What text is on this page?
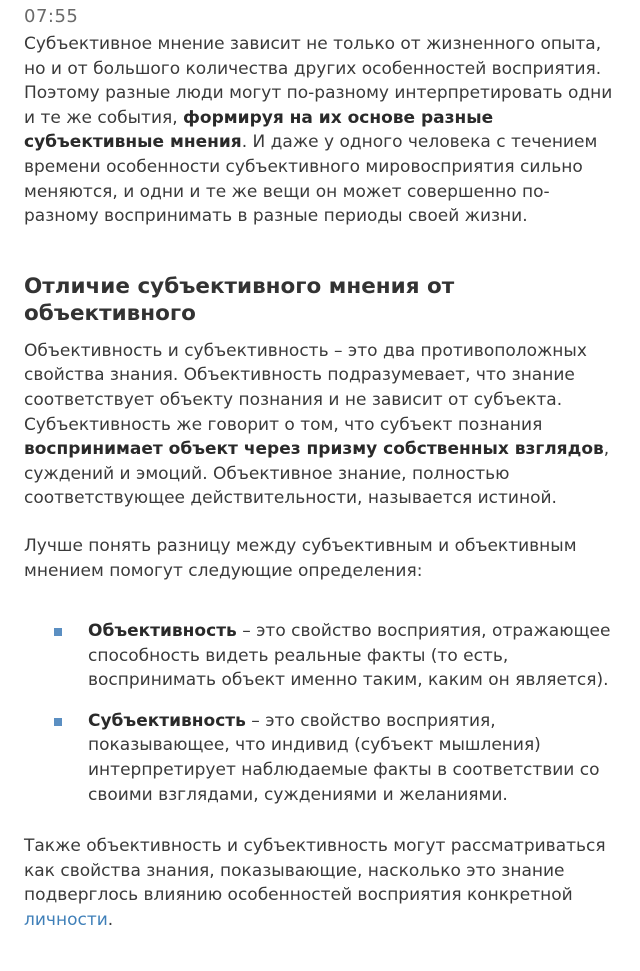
07:55

Субъективное мнение зависит не только от жизненного опыта, но и от большого количества других особенностей восприятия. Поэтому разные люди могут по-разному интерпретировать одни и те же события, формируя на их основе разные субъективные мнения. И даже у одного человека с течением времени особенности субъективного мировосприятия сильно меняются, и одни и те же вещи он может совершенно по-разному воспринимать в разные периоды своей жизни.

Отличие субъективного мнения от объективного

Объективность и субъективность – это два противоположных свойства знания. Объективность подразумевает, что знание соответствует объекту познания и не зависит от субъекта. Субъективность же говорит о том, что субъект познания воспринимает объект через призму собственных взглядов, суждений и эмоций. Объективное знание, полностью соответствующее действительности, называется истиной.

Лучше понять разницу между субъективным и объективным мнением помогут следующие определения:

Объективность – это свойство восприятия, отражающее способность видеть реальные факты (то есть, воспринимать объект именно таким, каким он является).
Субъективность – это свойство восприятия, показывающее, что индивид (субъект мышления) интерпретирует наблюдаемые факты в соответствии со своими взглядами, суждениями и желаниями.

Также объективность и субъективность могут рассматриваться как свойства знания, показывающие, насколько это знание подверглось влиянию особенностей восприятия конкретной личности.
